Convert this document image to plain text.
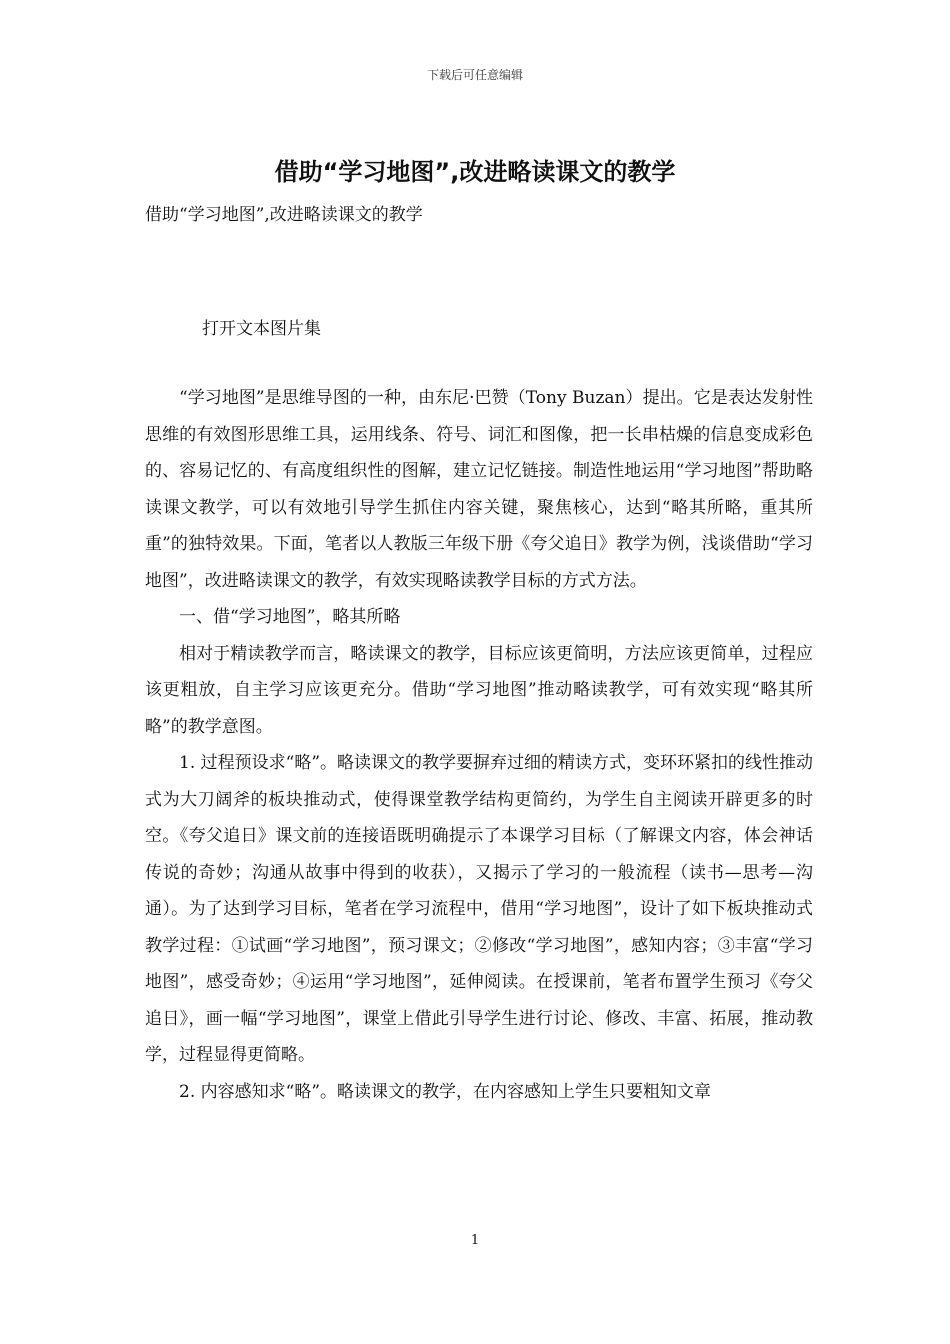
下载后可任意编辑
借助“学习地图”,改进略读课文的教学

借助“学习地图”,改进略读课文的教学

打开文本图片集

“学习地图”是思维导图的一种，由东尼·巴赞（Tony Buzan）提出。它是表达发射性思维的有效图形思维工具，运用线条、符号、词汇和图像，把一长串枯燥的信息变成彩色的、容易记忆的、有高度组织性的图解，建立记忆链接。制造性地运用“学习地图”帮助略读课文教学，可以有效地引导学生抓住内容关键，聚焦核心，达到“略其所略，重其所重”的独特效果。下面，笔者以人教版三年级下册《夸父追日》教学为例，浅谈借助“学习地图”，改进略读课文的教学，有效实现略读教学目标的方式方法。

一、借“学习地图”，略其所略

相对于精读教学而言，略读课文的教学，目标应该更简明，方法应该更简单，过程应该更粗放，自主学习应该更充分。借助“学习地图”推动略读教学，可有效实现“略其所略”的教学意图。

1. 过程预设求“略”。略读课文的教学要摒弃过细的精读方式，变环环紧扣的线性推动式为大刀阔斧的板块推动式，使得课堂教学结构更简约，为学生自主阅读开辟更多的时空。《夸父追日》课文前的连接语既明确提示了本课学习目标（了解课文内容，体会神话传说的奇妙；沟通从故事中得到的收获），又揭示了学习的一般流程（读书—思考—沟通）。为了达到学习目标，笔者在学习流程中，借用“学习地图”，设计了如下板块推动式教学过程：①试画“学习地图”，预习课文；②修改“学习地图”，感知内容；③丰富“学习地图”，感受奇妙；④运用“学习地图”，延伸阅读。在授课前，笔者布置学生预习《夸父追日》，画一幅“学习地图”，课堂上借此引导学生进行讨论、修改、丰富、拓展，推动教学，过程显得更简略。

2. 内容感知求“略”。略读课文的教学，在内容感知上学生只要粗知文章

1
